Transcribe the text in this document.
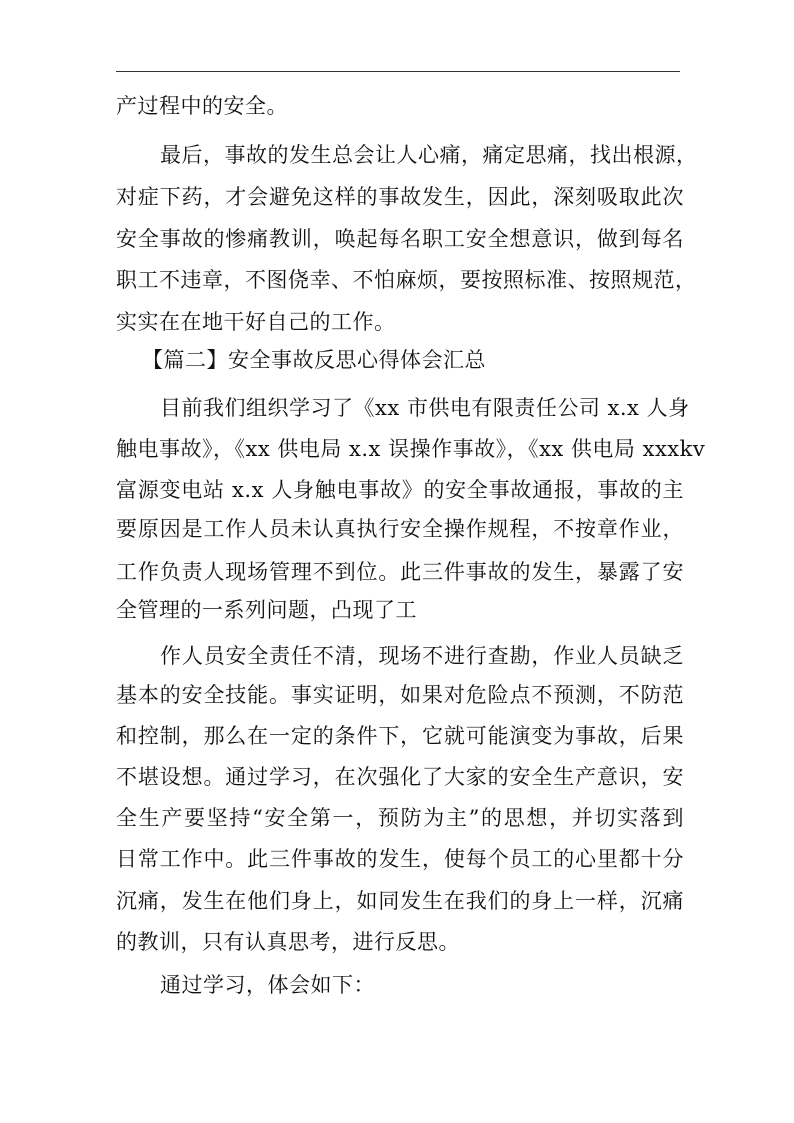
产过程中的安全。
最后，事故的发生总会让人心痛，痛定思痛，找出根源，
对症下药，才会避免这样的事故发生，因此，深刻吸取此次
安全事故的惨痛教训，唤起每名职工安全想意识，做到每名
职工不违章，不图侥幸、不怕麻烦，要按照标准、按照规范，
实实在在地干好自己的工作。
【篇二】安全事故反思心得体会汇总
目前我们组织学习了《xx 市供电有限责任公司 x.x 人身
触电事故》，《xx 供电局 x.x 误操作事故》，《xx 供电局 xxxkv
富源变电站 x.x 人身触电事故》的安全事故通报，事故的主
要原因是工作人员未认真执行安全操作规程，不按章作业，
工作负责人现场管理不到位。此三件事故的发生，暴露了安
全管理的一系列问题，凸现了工
作人员安全责任不清，现场不进行查勘，作业人员缺乏
基本的安全技能。事实证明，如果对危险点不预测，不防范
和控制，那么在一定的条件下，它就可能演变为事故，后果
不堪设想。通过学习，在次强化了大家的安全生产意识，安
全生产要坚持“安全第一，预防为主”的思想，并切实落到
日常工作中。此三件事故的发生，使每个员工的心里都十分
沉痛，发生在他们身上，如同发生在我们的身上一样，沉痛
的教训，只有认真思考，进行反思。
通过学习，体会如下：
